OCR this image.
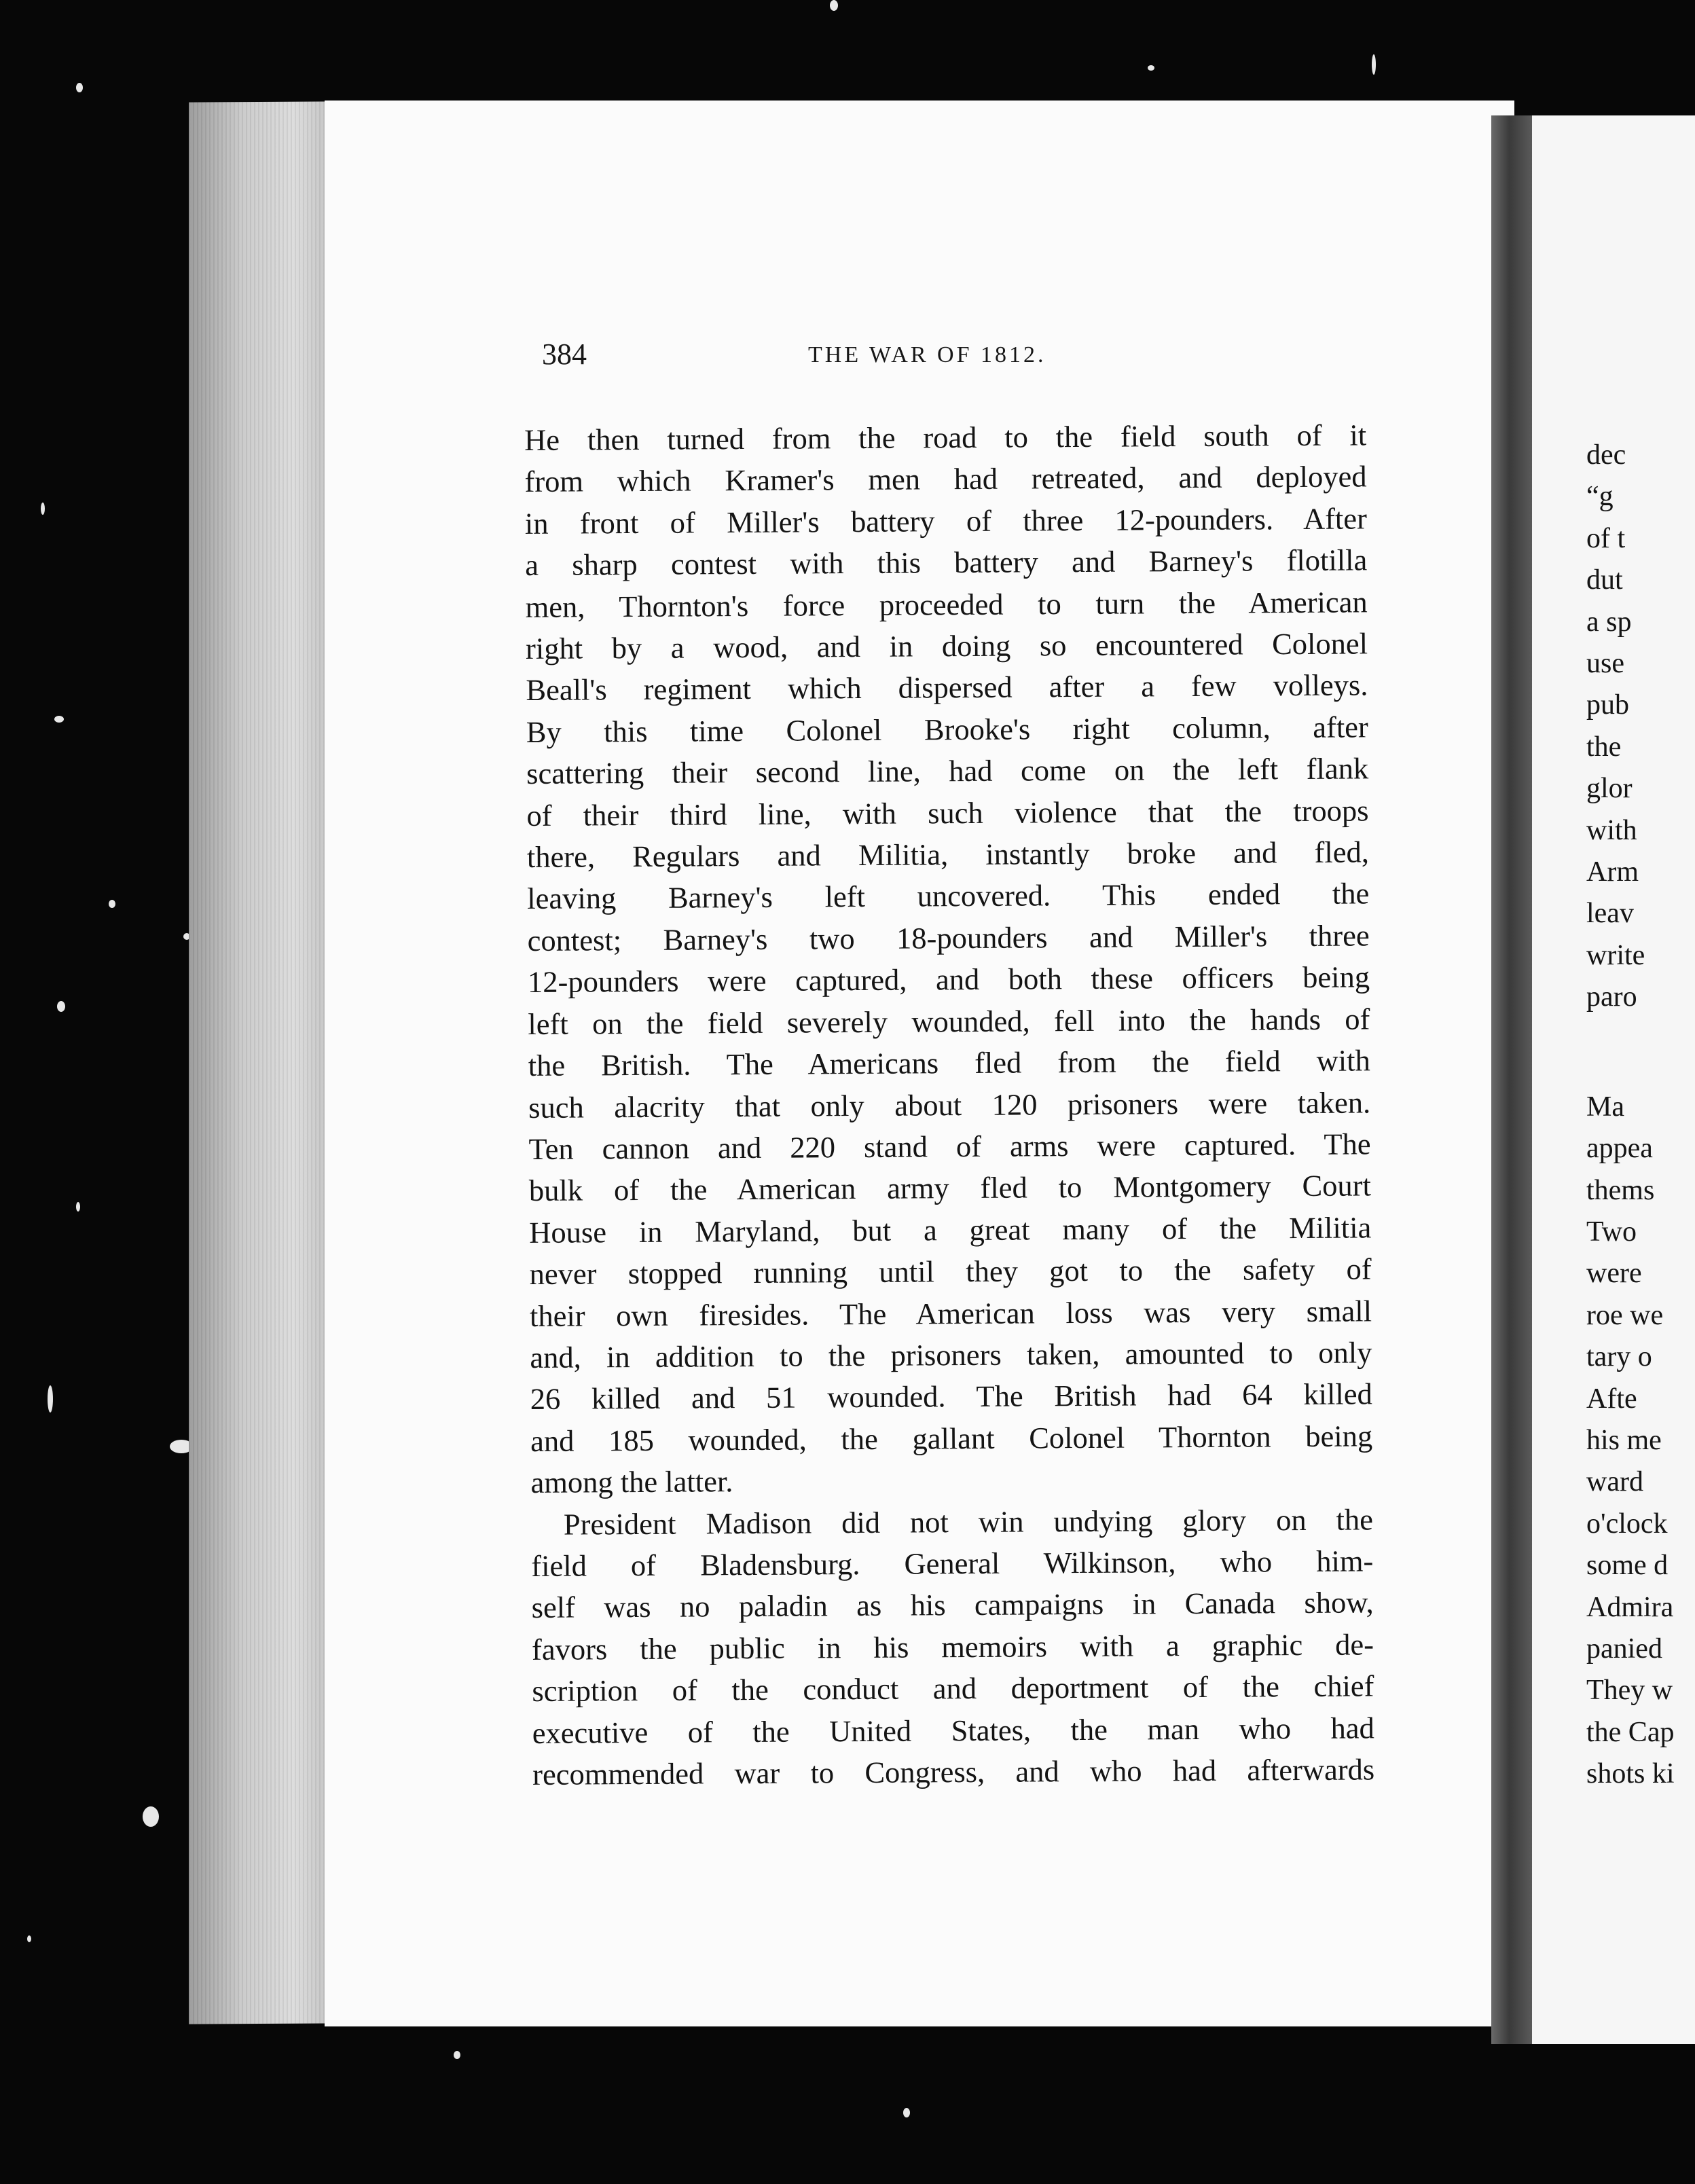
384	THE WAR OF 1812.
He then turned from the road to the field south of it
from which Kramer's men had retreated, and deployed
in front of Miller's battery of three 12-pounders. After
a sharp contest with this battery and Barney's flotilla
men, Thornton's force proceeded to turn the American
right by a wood, and in doing so encountered Colonel
Beall's regiment which dispersed after a few volleys.
By this time Colonel Brooke's right column, after
scattering their second line, had come on the left flank
of their third line, with such violence that the troops
there, Regulars and Militia, instantly broke and fled,
leaving Barney's left uncovered. This ended the
contest; Barney's two 18-pounders and Miller's three
12-pounders were captured, and both these officers being
left on the field severely wounded, fell into the hands of
the British. The Americans fled from the field with
such alacrity that only about 120 prisoners were taken.
Ten cannon and 220 stand of arms were captured. The
bulk of the American army fled to Montgomery Court
House in Maryland, but a great many of the Militia
never stopped running until they got to the safety of
their own firesides. The American loss was very small
and, in addition to the prisoners taken, amounted to only
26 killed and 51 wounded. The British had 64 killed
and 185 wounded, the gallant Colonel Thornton being
among the latter.
President Madison did not win undying glory on the
field of Bladensburg. General Wilkinson, who him-
self was no paladin as his campaigns in Canada show,
favors the public in his memoirs with a graphic de-
scription of the conduct and deportment of the chief
executive of the United States, the man who had
recommended war to Congress, and who had afterwards
dec
“g
of t
dut
a sp
use
pub
the
glor
with
Arm
leav
write
paro
Ma
appea
thems
Two
were
roe we
tary o
Afte
his me
ward
o'clock
some d
Admira
panied
They w
the Cap
shots ki
